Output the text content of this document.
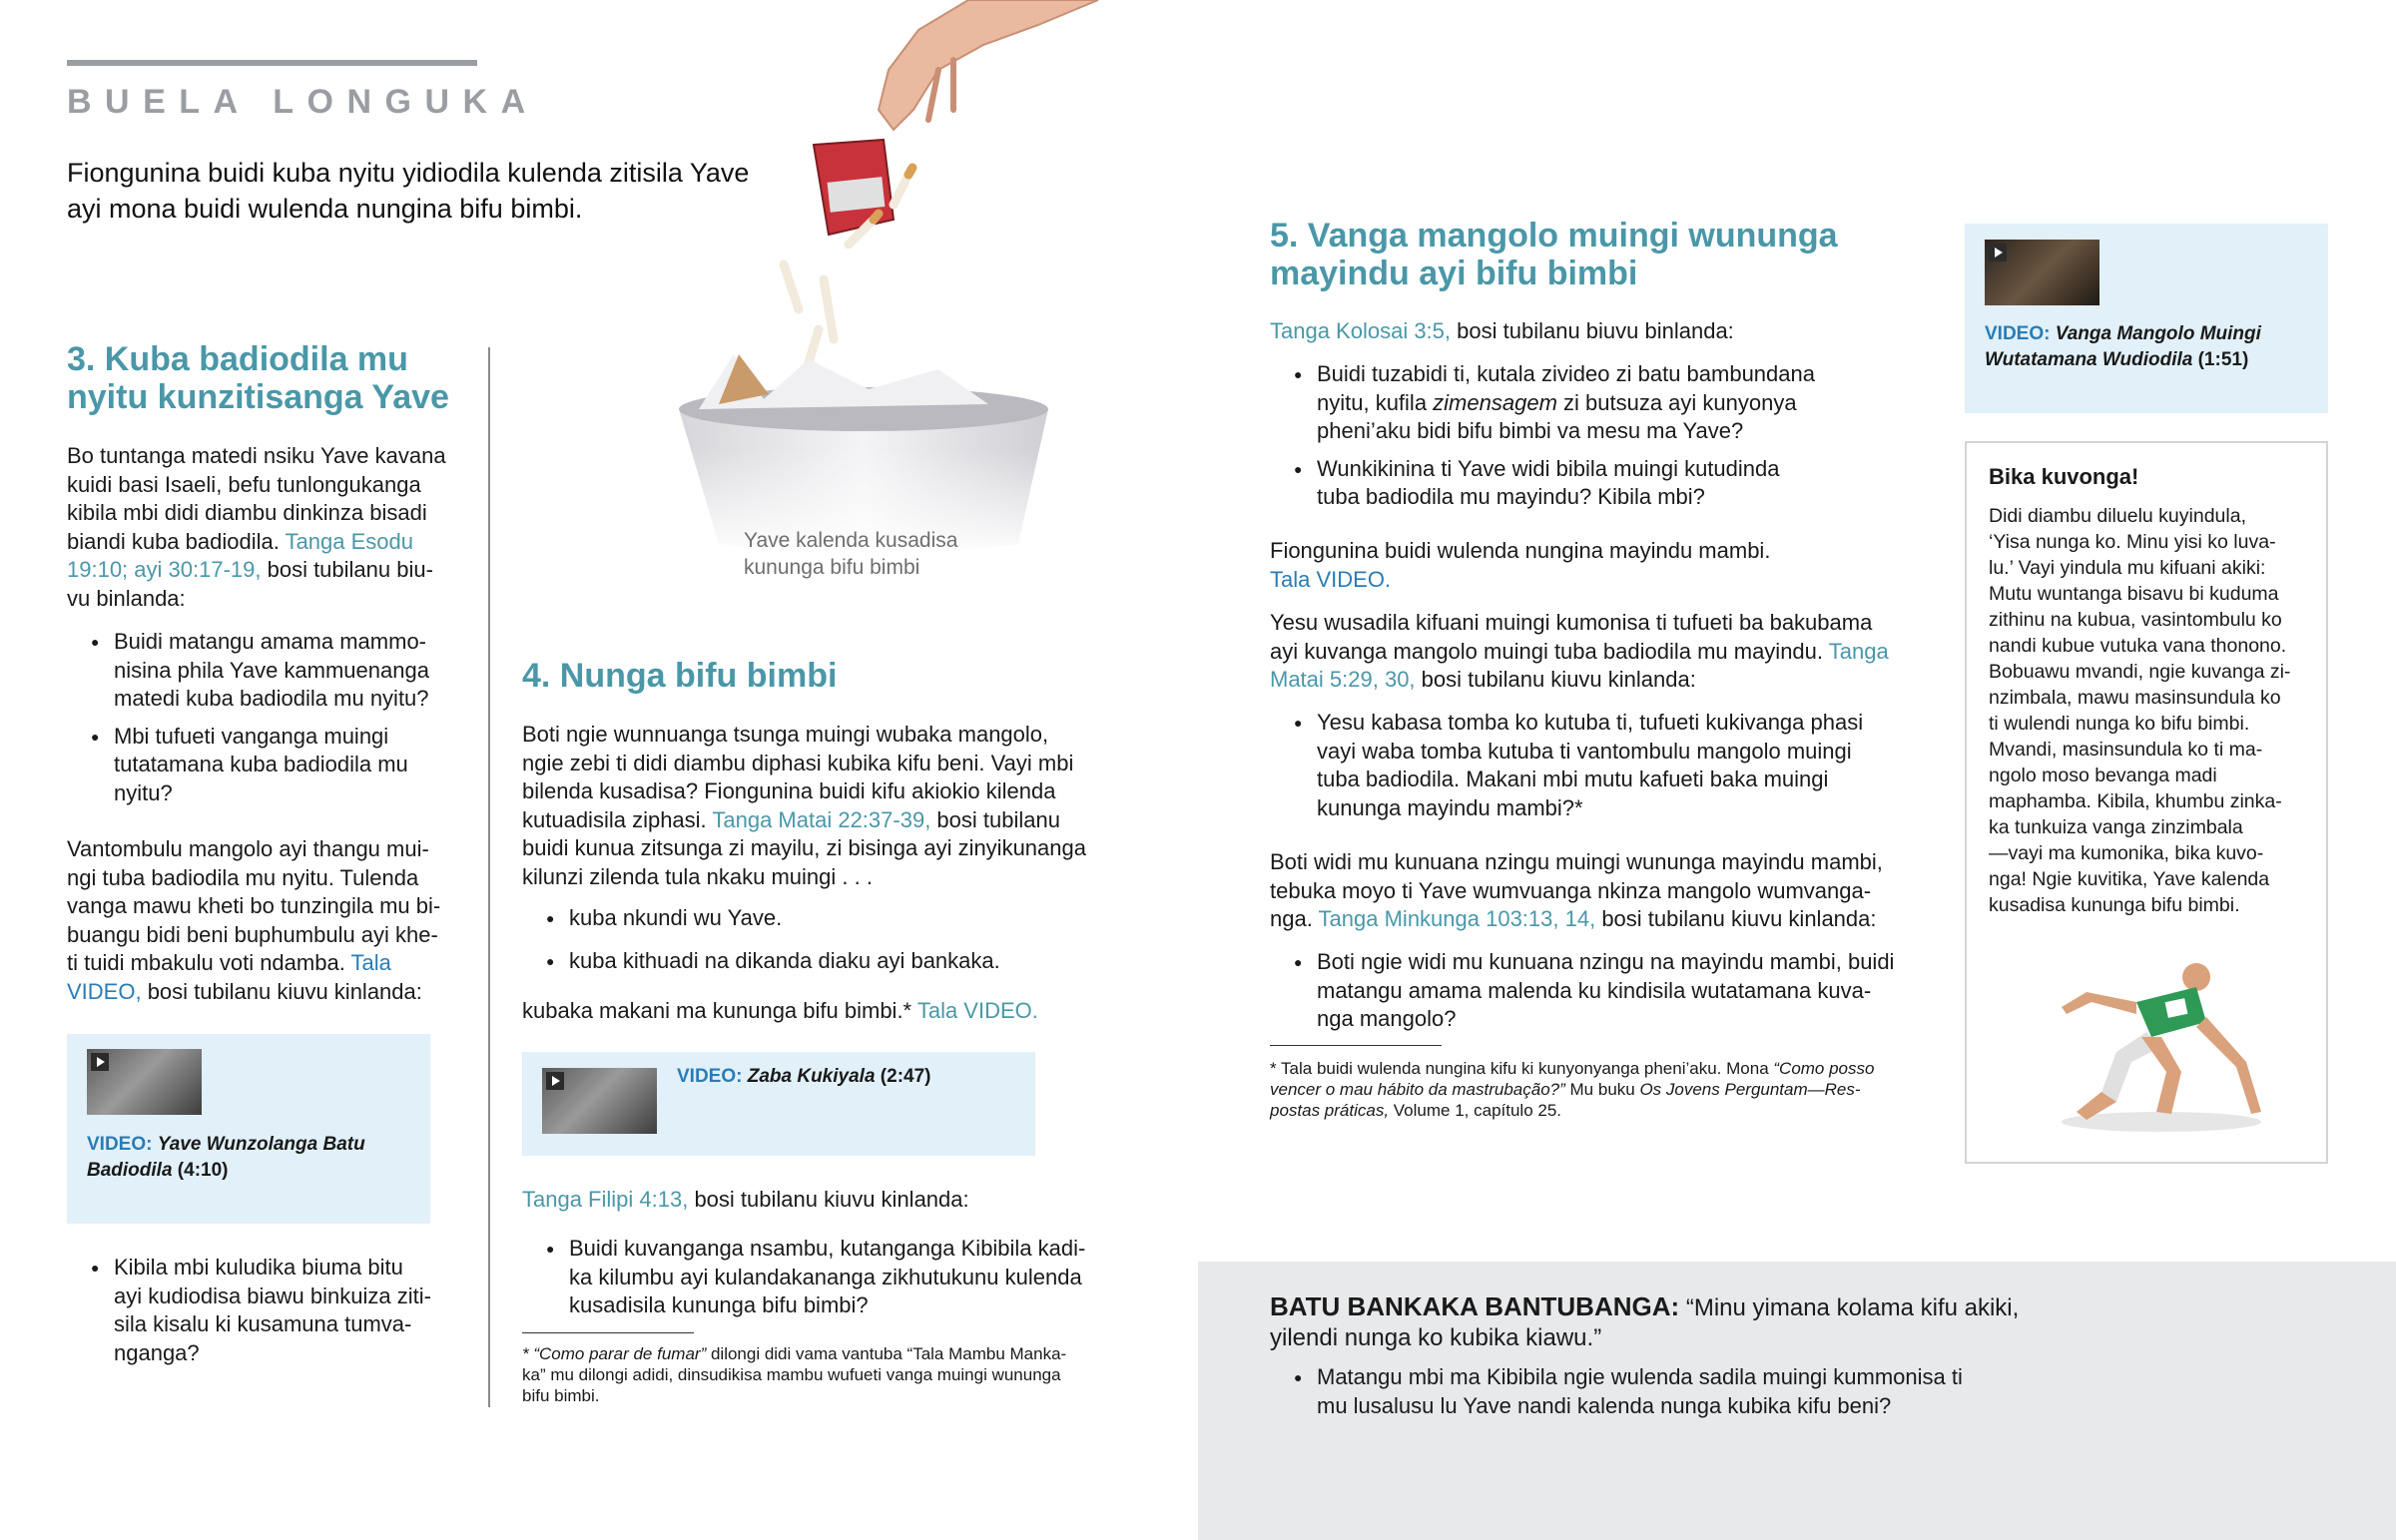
BUELA LONGUKA
Fiongunina buidi kuba nyitu yidiodila kulenda zitisila Yave ayi mona buidi wulenda nungina bifu bimbi.
Yave kalenda kusadisa
kununga bifu bimbi
3. Kuba badiodila mu
nyitu kunzitisanga Yave

Bo tuntanga matedi nsiku Yave kavana

kuidi basi Isaeli, befu tunlongukanga

kibila mbi didi diambu dinkinza bisadi

biandi kuba badiodila. Tanga Esodu

19:10; ayi 30:17-19, bosi tubilanu biu-

vu binlanda:

● Buidi matangu amama mammo-
nisina phila Yave kammuenanga
matedi kuba badiodila mu nyitu?
● Mbi tufueti vanganga muingi
tutatamana kuba badiodila mu
nyitu?

Vantombulu mangolo ayi thangu mui-

ngi tuba badiodila mu nyitu. Tulenda

vanga mawu kheti bo tunzingila mu bi-

buangu bidi beni buphumbulu ayi khe-

ti tuidi mbakulu voti ndamba. Tala

VIDEO, bosi tubilanu kiuvu kinlanda:

VIDEO: Yave Wunzolanga Batu
Badiodila (4:10)
● Kibila mbi kuludika biuma bitu
ayi kudiodisa biawu binkuiza ziti-
sila kisalu ki kusamuna tumva-
nganga?
4. Nunga bifu bimbi

Boti ngie wunnuanga tsunga muingi wubaka mangolo,

ngie zebi ti didi diambu diphasi kubika kifu beni. Vayi mbi

bilenda kusadisa? Fiongunina buidi kifu akiokio kilenda

kutuadisila ziphasi. Tanga Matai 22:37-39, bosi tubilanu

buidi kunua zitsunga zi mayilu, zi bisinga ayi zinyikunanga

kilunzi zilenda tula nkaku muingi . . .

● kuba nkundi wu Yave.
● kuba kithuadi na dikanda diaku ayi bankaka.

kubaka makani ma kununga bifu bimbi.* Tala VIDEO.

VIDEO: Zaba Kukiyala (2:47)

Tanga Filipi 4:13, bosi tubilanu kiuvu kinlanda:

● Buidi kuvanganga nsambu, kutanganga Kibibila kadi-
ka kilumbu ayi kulandakananga zikhutukunu kulenda
kusadisila kununga bifu bimbi?
* “Como parar de fumar” dilongi didi vama vantuba “Tala Mambu Manka-
ka” mu dilongi adidi, dinsudikisa mambu wufueti vanga muingi wununga
bifu bimbi.
5. Vanga mangolo muingi wununga
mayindu ayi bifu bimbi

Tanga Kolosai 3:5, bosi tubilanu biuvu binlanda:

● Buidi tuzabidi ti, kutala zivideo zi batu bambundana
nyitu, kufila zimensagem zi butsuza ayi kunyonya
pheni’aku bidi bifu bimbi va mesu ma Yave?
● Wunkikinina ti Yave widi bibila muingi kutudinda
tuba badiodila mu mayindu? Kibila mbi?

Fiongunina buidi wulenda nungina mayindu mambi.

Tala VIDEO.

Yesu wusadila kifuani muingi kumonisa ti tufueti ba bakubama

ayi kuvanga mangolo muingi tuba badiodila mu mayindu. Tanga

Matai 5:29, 30, bosi tubilanu kiuvu kinlanda:

● Yesu kabasa tomba ko kutuba ti, tufueti kukivanga phasi
vayi waba tomba kutuba ti vantombulu mangolo muingi
tuba badiodila. Makani mbi mutu kafueti baka muingi
kununga mayindu mambi?*

Boti widi mu kunuana nzingu muingi wununga mayindu mambi,

tebuka moyo ti Yave wumvuanga nkinza mangolo wumvanga-

nga. Tanga Minkunga 103:13, 14, bosi tubilanu kiuvu kinlanda:

● Boti ngie widi mu kunuana nzingu na mayindu mambi, buidi
matangu amama malenda ku kindisila wutatamana kuva-
nga mangolo?
* Tala buidi wulenda nungina kifu ki kunyonyanga pheni’aku. Mona “Como posso
vencer o mau hábito da mastrubação?” Mu buku Os Jovens Perguntam—Res-
postas práticas, Volume 1, capítulo 25.
VIDEO: Vanga Mangolo Muingi
Wutatamana Wudiodila (1:51)
Bika kuvonga!
Didi diambu diluelu kuyindula,
‘Yisa nunga ko. Minu yisi ko luva-
lu.’ Vayi yindula mu kifuani akiki:
Mutu wuntanga bisavu bi kuduma
zithinu na kubua, vasintombulu ko
nandi kubue vutuka vana thonono.
Bobuawu mvandi, ngie kuvanga zi-
nzimbala, mawu masinsundula ko
ti wulendi nunga ko bifu bimbi.
Mvandi, masinsundula ko ti ma-
ngolo moso bevanga madi
maphamba. Kibila, khumbu zinka-
ka tunkuiza vanga zinzimbala
—vayi ma kumonika, bika kuvo-
nga! Ngie kuvitika, Yave kalenda
kusadisa kununga bifu bimbi.
BATU BANKAKA BANTUBANGA: “Minu yimana kolama kifu akiki,
yilendi nunga ko kubika kiawu.”
● Matangu mbi ma Kibibila ngie wulenda sadila muingi kummonisa ti
mu lusalusu lu Yave nandi kalenda nunga kubika kifu beni?
